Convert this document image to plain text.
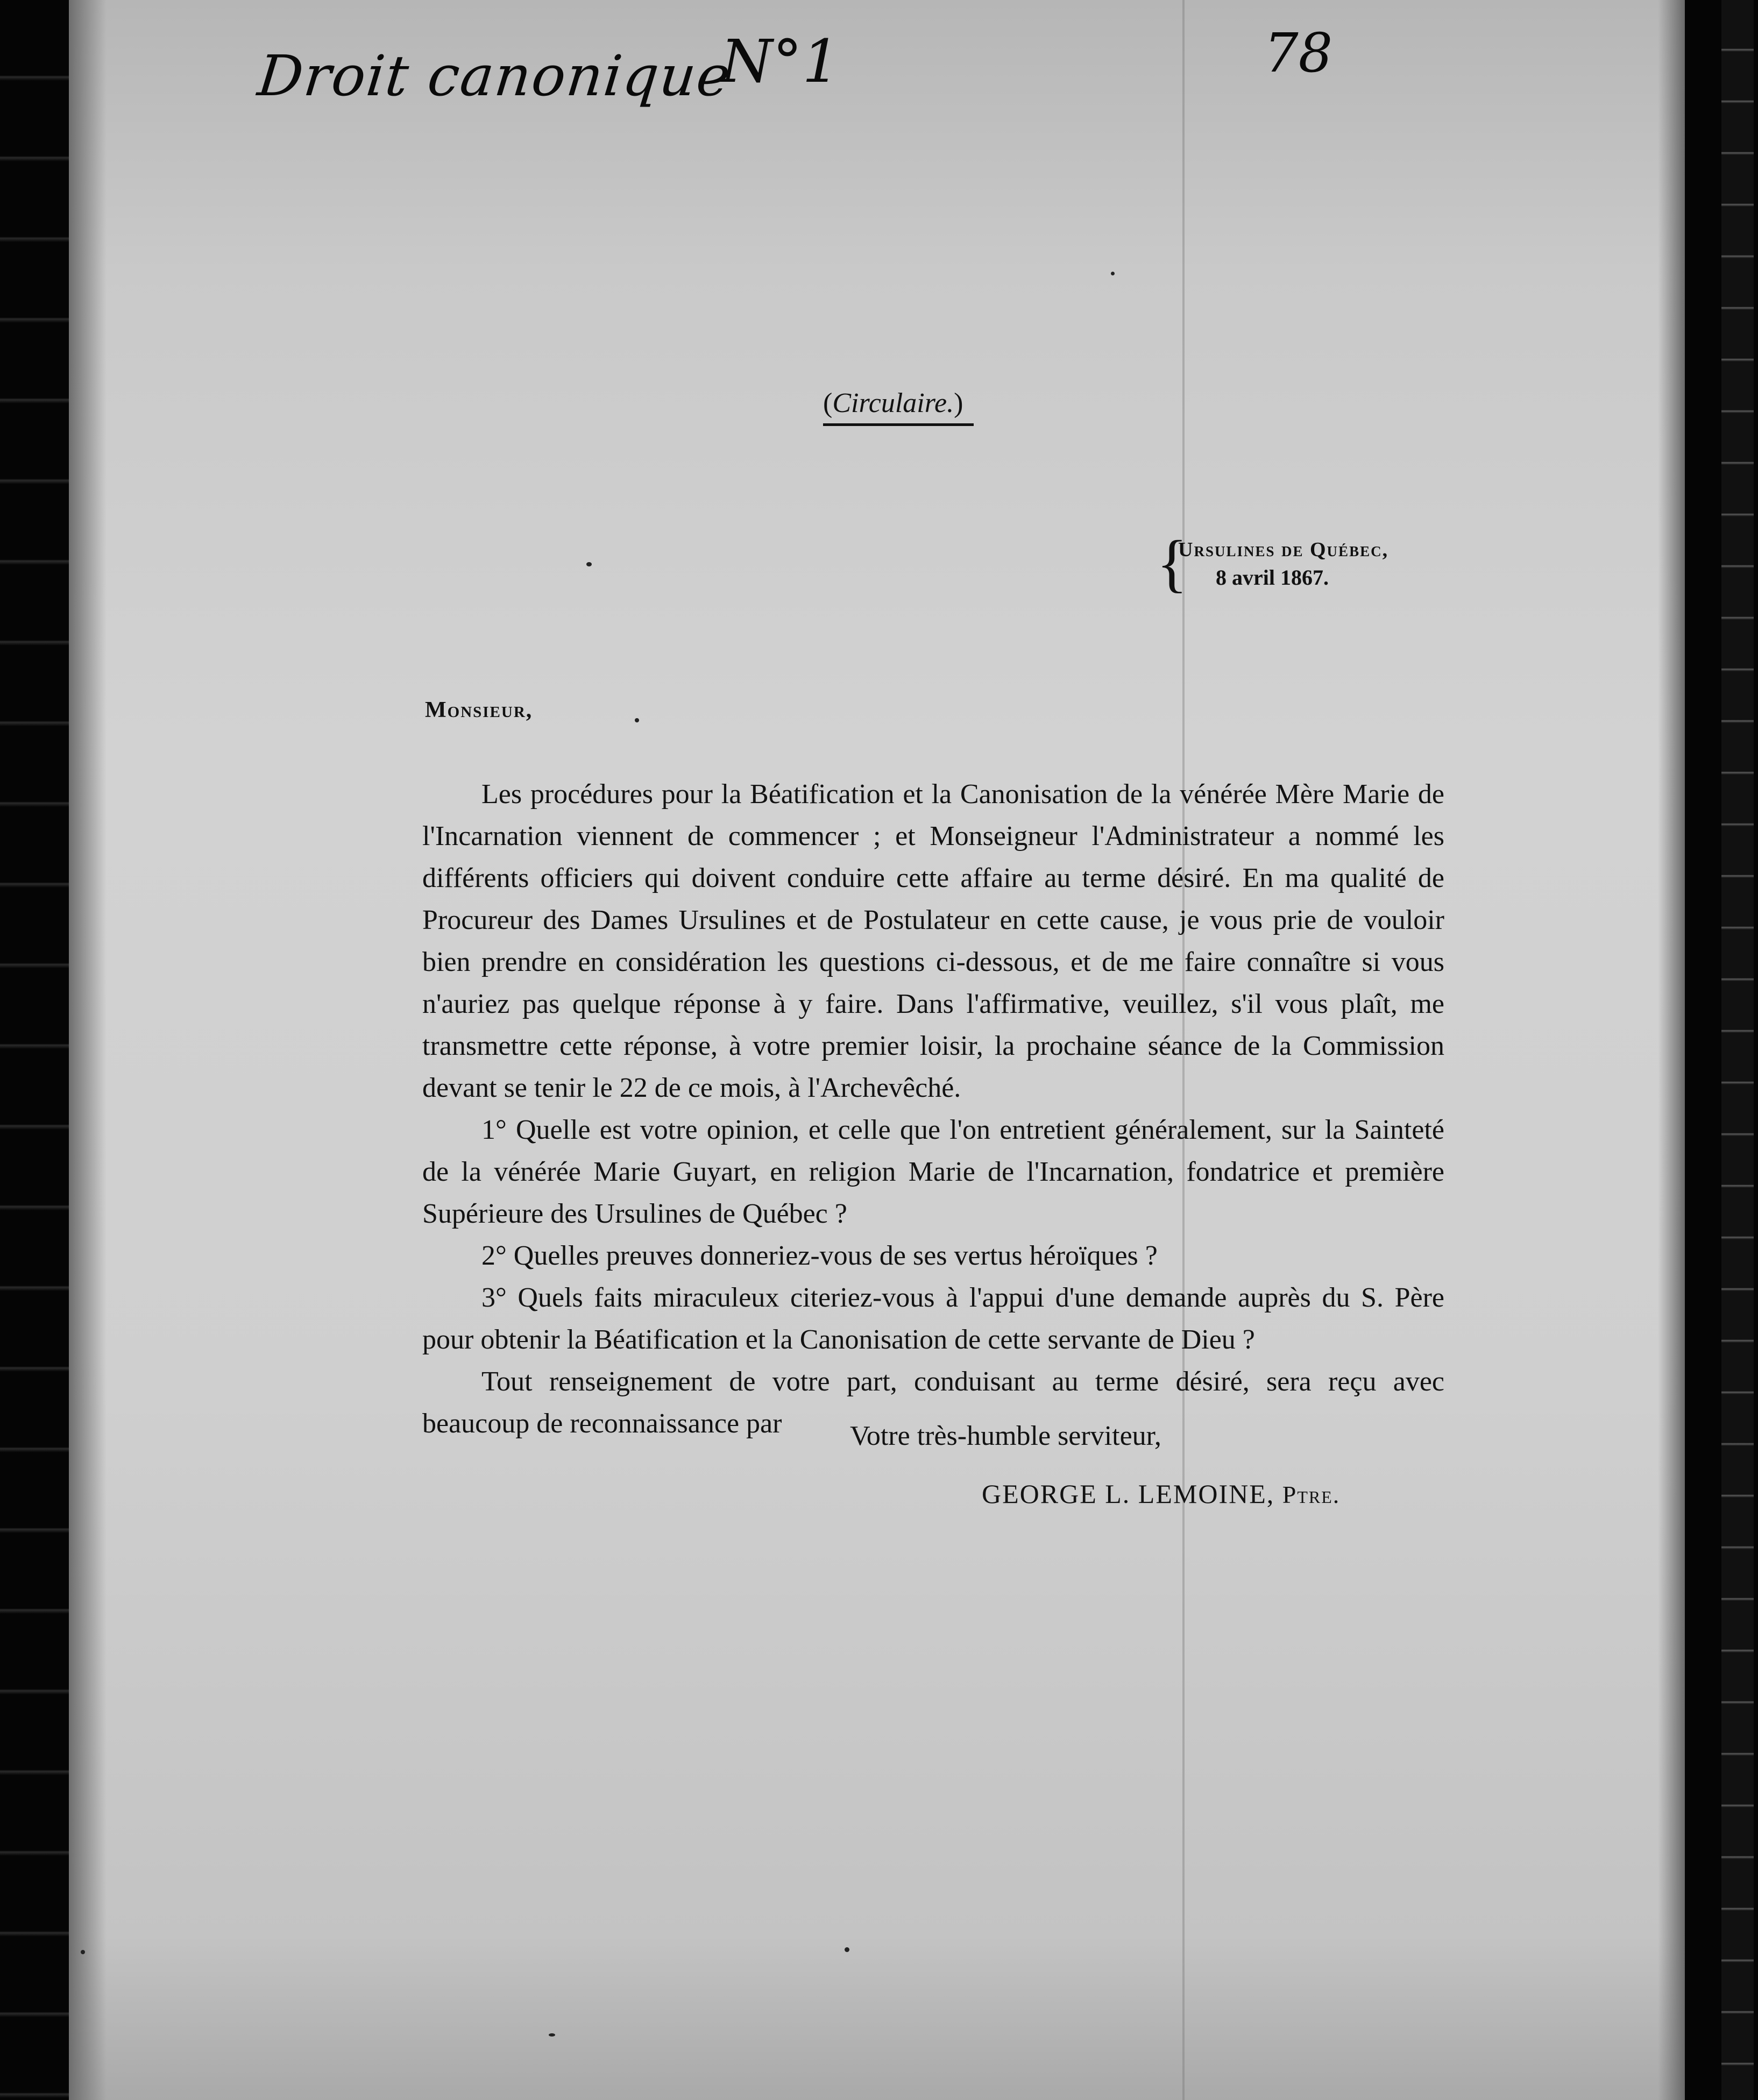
Droit canonique
N°1	78
(Circulaire.)
{
Ursulines de Québec,
8 avril 1867.
Monsieur,

Les procédures pour la Béatification et la Canonisation de la vénérée Mère Marie de l'Incarnation viennent de commencer ; et Monseigneur l'Administrateur a nommé les différents officiers qui doivent conduire cette affaire au terme désiré. En ma qualité de Procureur des Dames Ursulines et de Postulateur en cette cause, je vous prie de vouloir bien prendre en considération les questions ci-dessous, et de me faire connaître si vous n'auriez pas quelque réponse à y faire. Dans l'affirmative, veuillez, s'il vous plaît, me transmettre cette réponse, à votre premier loisir, la prochaine séance de la Commission devant se tenir le 22 de ce mois, à l'Archevêché.

1° Quelle est votre opinion, et celle que l'on entretient généralement, sur la Sainteté de la vénérée Marie Guyart, en religion Marie de l'Incarnation, fondatrice et première Supérieure des Ursulines de Québec ?

2° Quelles preuves donneriez-vous de ses vertus héroïques ?

3° Quels faits miraculeux citeriez-vous à l'appui d'une demande auprès du S. Père pour obtenir la Béatification et la Canonisation de cette servante de Dieu ?

Tout renseignement de votre part, conduisant au terme désiré, sera reçu avec beaucoup de reconnaissance par	Votre très-humble serviteur,
GEORGE L. LEMOINE, Ptre.
